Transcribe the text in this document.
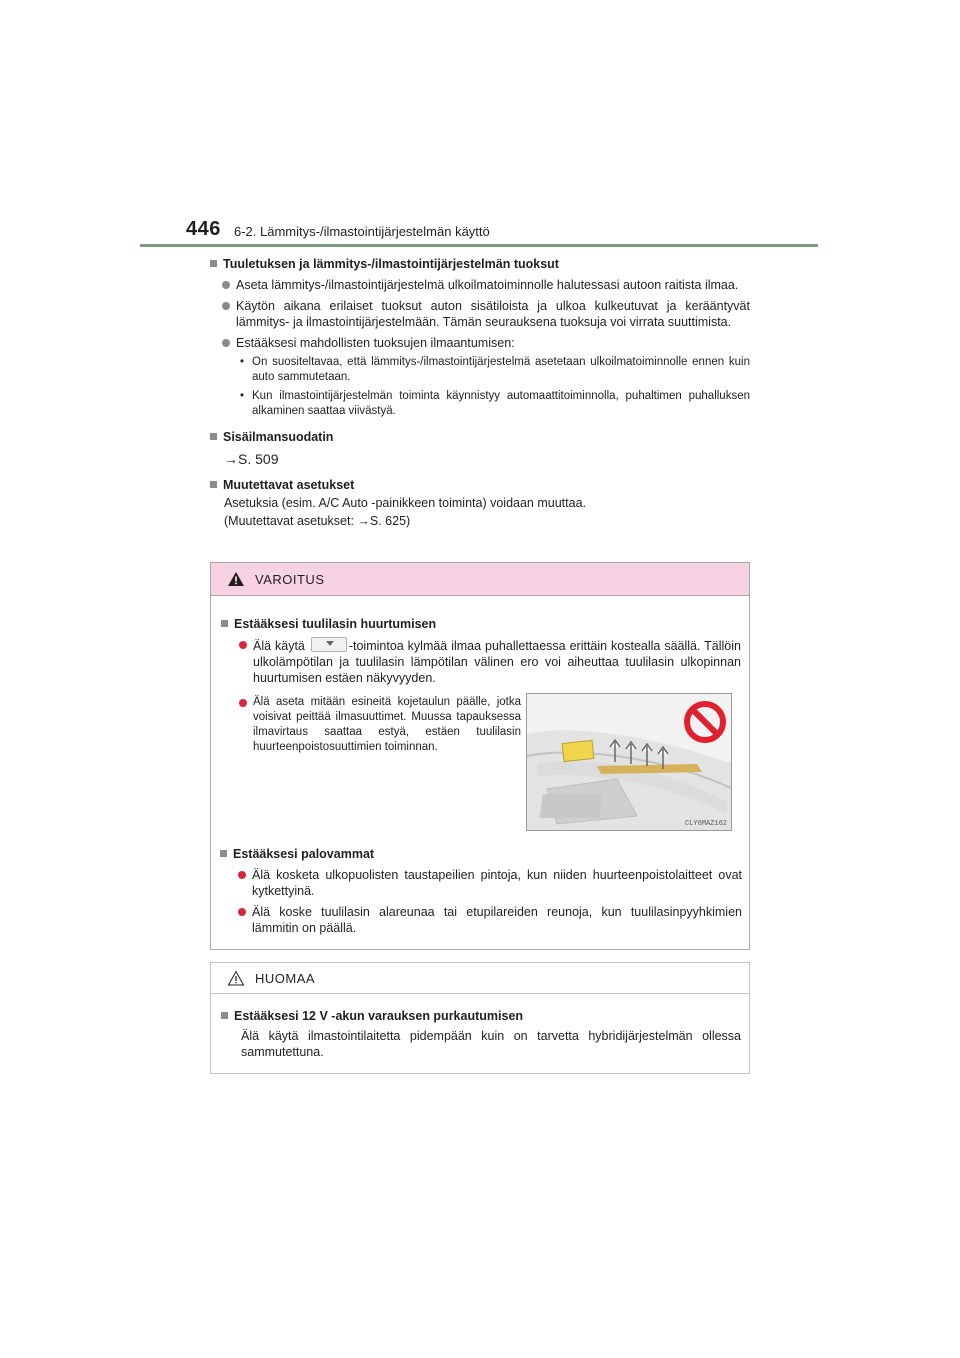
446 6-2. Lämmitys-/ilmastointijärjestelmän käyttö
Tuuletuksen ja lämmitys-/ilmastointijärjestelmän tuoksut
Aseta lämmitys-/ilmastointijärjestelmä ulkoilmatoiminnolle halutessasi autoon raitista ilmaa.
Käytön aikana erilaiset tuoksut auton sisätiloista ja ulkoa kulkeutuvat ja kerääntyvät lämmitys- ja ilmastointijärjestelmään. Tämän seurauksena tuoksuja voi virrata suuttimista.
Estääksesi mahdollisten tuoksujen ilmaantumisen:
• On suositeltavaa, että lämmitys-/ilmastointijärjestelmä asetetaan ulkoilmatoiminnolle ennen kuin auto sammutetaan.
• Kun ilmastointijärjestelmän toiminta käynnistyy automaattitoiminnolla, puhaltimen puhalluksen alkaminen saattaa viivästyä.
Sisäilmansuodatin
→S. 509
Muutettavat asetukset
Asetuksia (esim. A/C Auto -painikkeen toiminta) voidaan muuttaa.
(Muutettavat asetukset: →S. 625)
VAROITUS
Estääksesi tuulilasin huurtumisen
Älä käytä	-toimintoa kylmää ilmaa puhallettaessa erittäin kostealla säällä. Tällöin ulkolämpötilan ja tuulilasin lämpötilan välinen ero voi aiheuttaa tuulilasin ulkopinnan huurtumisen estäen näkyvyyden.
Älä aseta mitään esineitä kojetaulun päälle, jotka voisivat peittää ilmasuuttimet. Muussa tapauksessa ilmavirtaus saattaa estyä, estäen tuulilasin huurteenpoistosuuttimien toiminnan.
CLY6MAZ162
Estääksesi palovammat
Älä kosketa ulkopuolisten taustapeilien pintoja, kun niiden huurteenpoistolaitteet ovat kytkettyinä.
Älä koske tuulilasin alareunaa tai etupilareiden reunoja, kun tuulilasinpyyhkimien lämmitin on päällä.
HUOMAA
Estääksesi 12 V -akun varauksen purkautumisen
Älä käytä ilmastointilaitetta pidempään kuin on tarvetta hybridijärjestelmän ollessa sammutettuna.
